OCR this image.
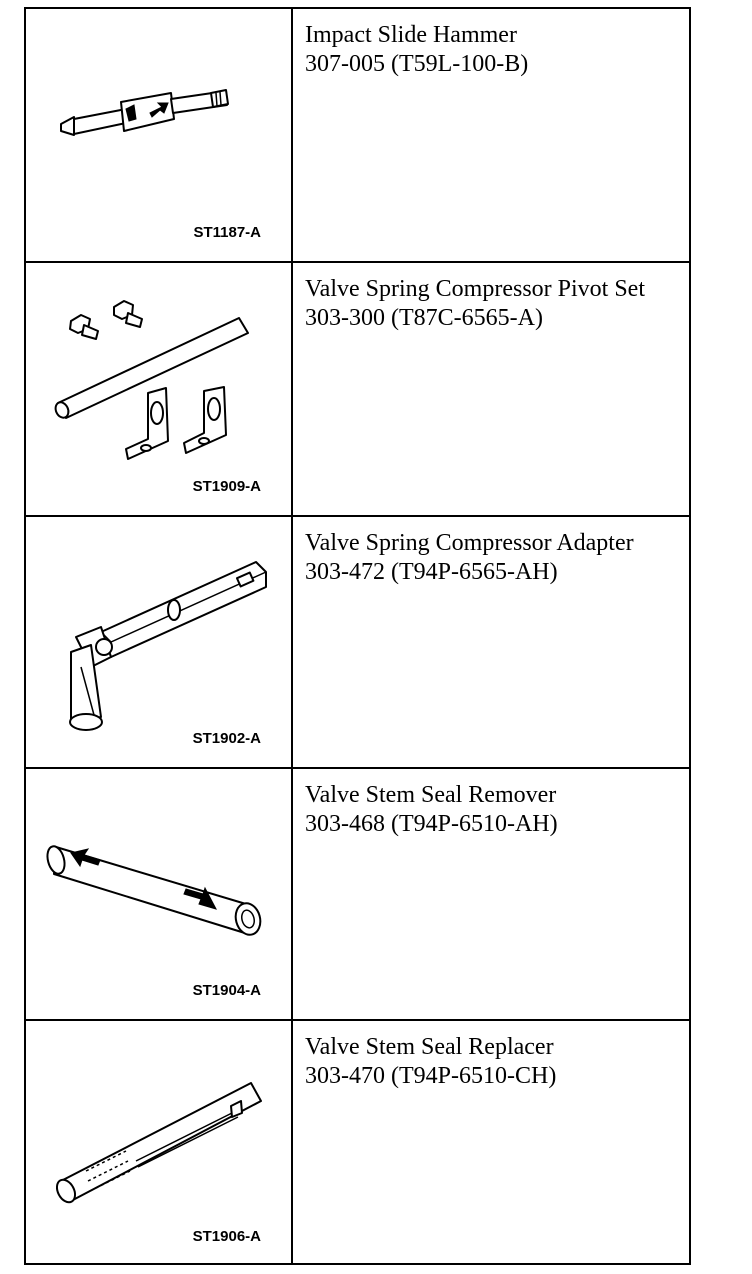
ST1187-A
Impact Slide Hammer
307-005 (T59L-100-B)
ST1909-A
Valve Spring Compressor Pivot Set
303-300 (T87C-6565-A)
ST1902-A
Valve Spring Compressor Adapter
303-472 (T94P-6565-AH)
ST1904-A
Valve Stem Seal Remover
303-468 (T94P-6510-AH)
ST1906-A
Valve Stem Seal Replacer
303-470 (T94P-6510-CH)
